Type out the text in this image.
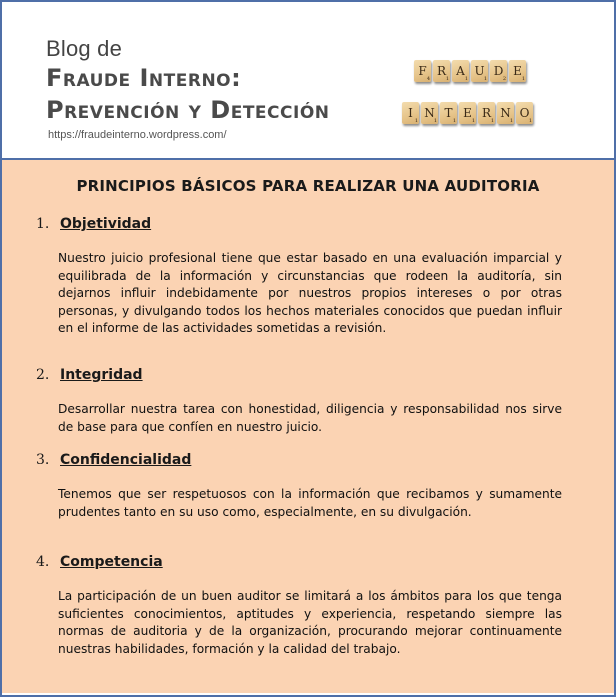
Blog de
Fraude Interno:
Prevención y Detección
https://fraudeinterno.wordpress.com/
F 4 R 1 A 1 U 1 D 2 E 1
I 1 N 1 T 1 E 1 R 1 N 1 O 1
PRINCIPIOS BÁSICOS PARA REALIZAR UNA AUDITORIA
1. Objetividad
Nuestro juicio profesional tiene que estar basado en una evaluación imparcial y equilibrada de la información y circunstancias que rodeen la auditoría, sin dejarnos influir indebidamente por nuestros propios intereses o por otras personas, y divulgando todos los hechos materiales conocidos que puedan influir en el informe de las actividades sometidas a revisión.
2. Integridad
Desarrollar nuestra tarea con honestidad, diligencia y responsabilidad nos sirve de base para que confíen en nuestro juicio.
3. Confidencialidad
Tenemos que ser respetuosos con la información que recibamos y sumamente prudentes tanto en su uso como, especialmente, en su divulgación.
4. Competencia
La participación de un buen auditor se limitará a los ámbitos para los que tenga suficientes conocimientos, aptitudes y experiencia, respetando siempre las normas de auditoria y de la organización, procurando mejorar continuamente nuestras habilidades, formación y la calidad del trabajo.
